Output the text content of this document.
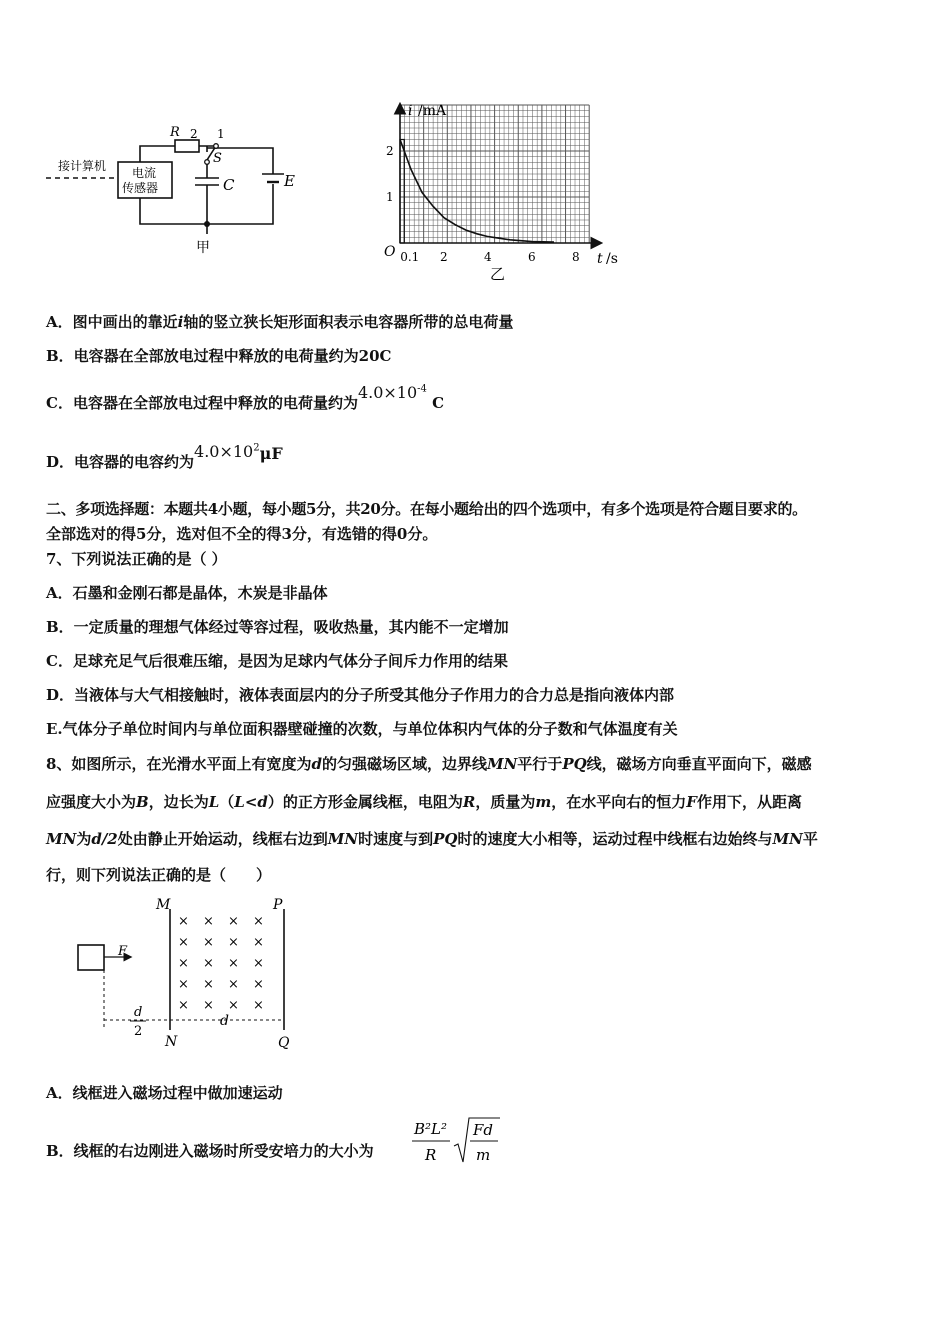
接计算机 电流
传感器
R 2 1
S
C	E
甲
i /mA
t /s
O 0.1 2	4	6	8
2
1
乙
A．图中画出的靠近i轴的竖立狭长矩形面积表示电容器所带的总电荷量
B．电容器在全部放电过程中释放的电荷量约为20C
C．电容器在全部放电过程中释放的电荷量约为$4.0\times 10^{-4}$ C
D．电容器的电容约为$4.0\times 10^2\mu F$
二、多项选择题：本题共4小题，每小题5分，共20分。在每小题给出的四个选项中，有多个选项是符合题目要求的。
全部选对的得5分，选对但不全的得3分，有选错的得0分。
7、下列说法正确的是（ ）
A．石墨和金刚石都是晶体，木炭是非晶体
B．一定质量的理想气体经过等容过程，吸收热量，其内能不一定增加
C．足球充足气后很难压缩，是因为足球内气体分子间斥力作用的结果
D．当液体与大气相接触时，液体表面层内的分子所受其他分子作用力的合力总是指向液体内部
E.气体分子单位时间内与单位面积器壁碰撞的次数，与单位体积内气体的分子数和气体温度有关
8、如图所示，在光滑水平面上有宽度为d的匀强磁场区域，边界线MN平行于PQ线，磁场方向垂直平面向下，磁感
应强度大小为B，边长为L（L<d）的正方形金属线框，电阻为R，质量为m，在水平向右的恒力F作用下，从距离
MN为d/2处由静止开始运动，线框右边到MN时速度与到PQ时的速度大小相等，运动过程中线框右边始终与MN平
行，则下列说法正确的是（　　）
F
d
2
d
M	P
N	Q
× × × ×
× × × ×
× × × ×
× × × ×
× × × ×
A．线框进入磁场过程中做加速运动
B．线框的右边刚进入磁场时所受安培力的大小为
B²L²
R
Fd
m
